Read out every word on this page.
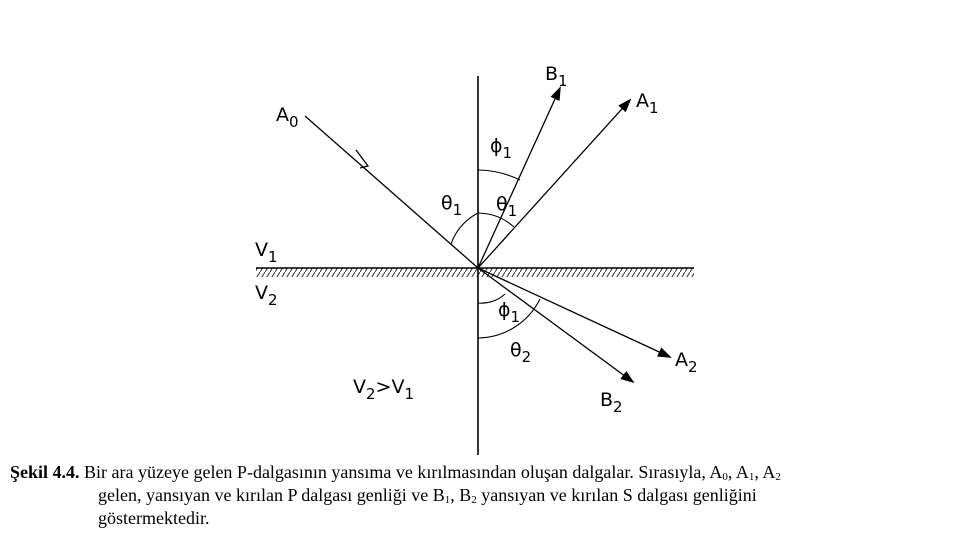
$A_0$
$B_1$
$A_1$
$A_2$
$B_2$
$V_1$
$V_2$
$\theta_1$
$\phi_1$
$\theta_1$
$\phi_1$
$\theta_2$
$V_2>V_1$
Şekil 4.4. Bir ara yüzeye gelen P-dalgasının yansıma ve kırılmasından oluşan dalgalar. Sırasıyla, $A_0$, $A_1$, $A_2$
gelen, yansıyan ve kırılan P dalgası genliği ve $B_1$, $B_2$ yansıyan ve kırılan S dalgası genliğini
göstermektedir.
